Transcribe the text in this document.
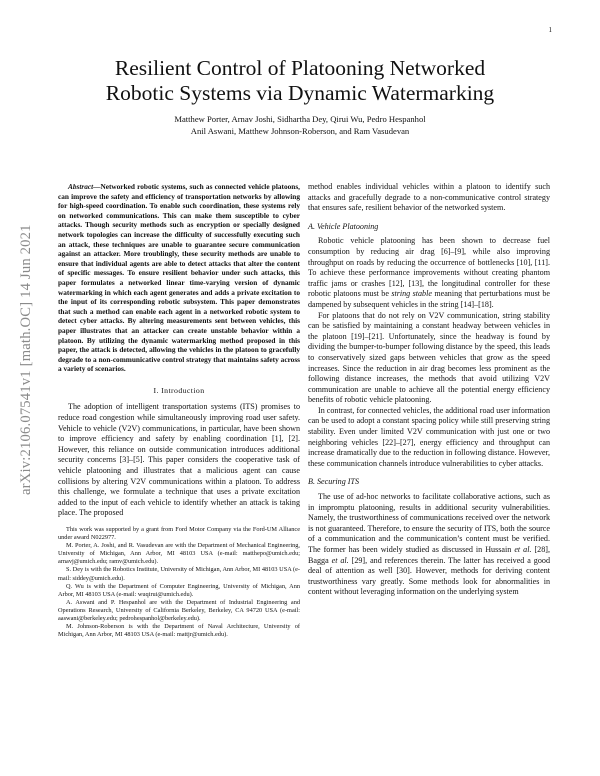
1
arXiv:2106.07541v1 [math.OC] 14 Jun 2021
Resilient Control of Platooning Networked
Robotic Systems via Dynamic Watermarking
Matthew Porter, Arnav Joshi, Sidhartha Dey, Qirui Wu, Pedro Hespanhol
Anil Aswani, Matthew Johnson-Roberson, and Ram Vasudevan

Abstract—Networked robotic systems, such as connected vehicle platoons, can improve the safety and efficiency of transportation networks by allowing for high-speed coordination. To enable such coordination, these systems rely on networked communications. This can make them susceptible to cyber attacks. Though security methods such as encryption or specially designed network topologies can increase the difficulty of successfully executing such an attack, these techniques are unable to guarantee secure communication against an attacker. More troublingly, these security methods are unable to ensure that individual agents are able to detect attacks that alter the content of specific messages. To ensure resilient behavior under such attacks, this paper formulates a networked linear time-varying version of dynamic watermarking in which each agent generates and adds a private excitation to the input of its corresponding robotic subsystem. This paper demonstrates that such a method can enable each agent in a networked robotic system to detect cyber attacks. By altering measurements sent between vehicles, this paper illustrates that an attacker can create unstable behavior within a platoon. By utilizing the dynamic watermarking method proposed in this paper, the attack is detected, allowing the vehicles in the platoon to gracefully degrade to a non-communicative control strategy that maintains safety across a variety of scenarios.

I. Introduction

The adoption of intelligent transportation systems (ITS) promises to reduce road congestion while simultaneously improving road user safety. Vehicle to vehicle (V2V) communications, in particular, have been shown to improve efficiency and safety by enabling coordination [1], [2]. However, this reliance on outside communication introduces additional security concerns [3]–[5]. This paper considers the cooperative task of vehicle platooning and illustrates that a malicious agent can cause collisions by altering V2V communications within a platoon. To address this challenge, we formulate a technique that uses a private excitation added to the input of each vehicle to identify whether an attack is taking place. The proposed

This work was supported by a grant from Ford Motor Company via the Ford-UM Alliance under award N022977.

M. Porter, A. Joshi, and R. Vasudevan are with the Department of Mechanical Engineering, University of Michigan, Ann Arbor, MI 48103 USA (e-mail: matthepo@umich.edu; arnavj@umich.edu; ramv@umich.edu).

S. Dey is with the Robotics Institute, University of Michigan, Ann Arbor, MI 48103 USA (e-mail: siddey@umich.edu).

Q. Wu is with the Department of Computer Engineering, University of Michigan, Ann Arbor, MI 48103 USA (e-mail: wuqirui@umich.edu).

A. Aswani and P. Hespanhol are with the Department of Industrial Engineering and Operations Research, University of California Berkeley, Berkeley, CA 94720 USA (e-mail: aaswani@berkeley.edu; pedrohespanhol@berkeley.edu).

M. Johnson-Roberson is with the Department of Naval Architecture, University of Michigan, Ann Arbor, MI 48103 USA (e-mail: mattjr@umich.edu).

method enables individual vehicles within a platoon to identify such attacks and gracefully degrade to a non-communicative control strategy that ensures safe, resilient behavior of the networked system.

A. Vehicle Platooning

Robotic vehicle platooning has been shown to decrease fuel consumption by reducing air drag [6]–[9], while also improving throughput on roads by reducing the occurrence of bottlenecks [10], [11]. To achieve these performance improvements without creating phantom traffic jams or crashes [12], [13], the longitudinal controller for these robotic platoons must be string stable meaning that perturbations must be dampened by subsequent vehicles in the string [14]–[18].

For platoons that do not rely on V2V communication, string stability can be satisfied by maintaining a constant headway between vehicles in the platoon [19]–[21]. Unfortunately, since the headway is found by dividing the bumper-to-bumper following distance by the speed, this leads to conservatively sized gaps between vehicles that grow as the speed increases. Since the reduction in air drag becomes less prominent as the following distance increases, the methods that avoid utilizing V2V communication are unable to achieve all the potential energy efficiency benefits of robotic vehicle platooning.

In contrast, for connected vehicles, the additional road user information can be used to adopt a constant spacing policy while still preserving string stability. Even under limited V2V communication with just one or two neighboring vehicles [22]–[27], energy efficiency and throughput can increase dramatically due to the reduction in following distance. However, these communication channels introduce vulnerabilities to cyber attacks.

B. Securing ITS

The use of ad-hoc networks to facilitate collaborative actions, such as in impromptu platooning, results in additional security vulnerabilities. Namely, the trustworthiness of communications received over the network is not guaranteed. Therefore, to ensure the security of ITS, both the source of a communication and the communication’s content must be verified. The former has been widely studied as discussed in Hussain et al. [28], Bagga et al. [29], and references therein. The latter has received a good deal of attention as well [30]. However, methods for deriving content trustworthiness vary greatly. Some methods look for abnormalities in content without leveraging information on the underlying system
